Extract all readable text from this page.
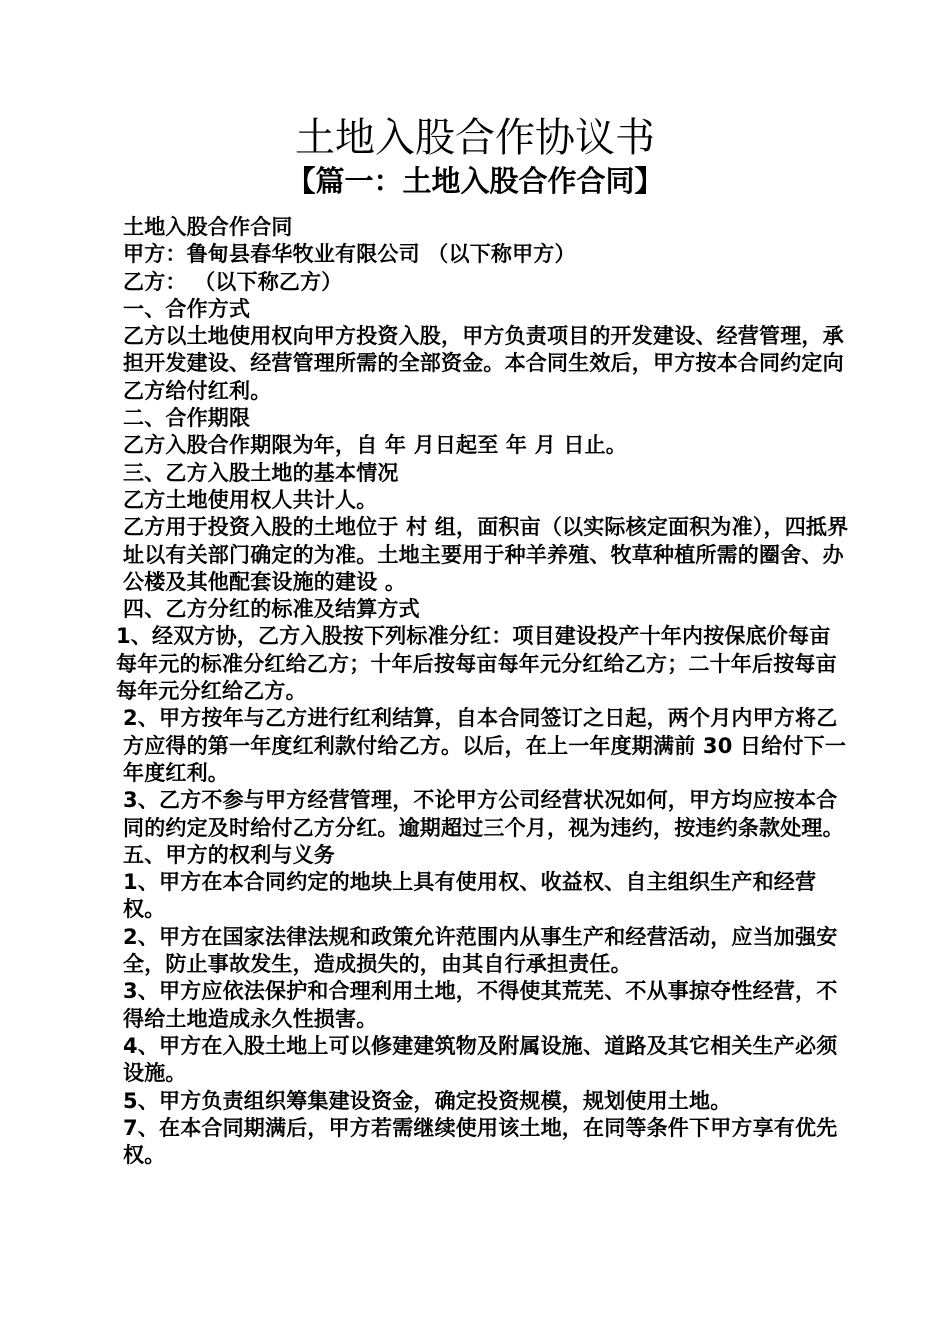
土地入股合作协议书
【篇一：土地入股合作合同】

土地入股合作合同

甲方：鲁甸县春华牧业有限公司 （以下称甲方）

乙方： （以下称乙方）

一、合作方式

乙方以土地使用权向甲方投资入股，甲方负责项目的开发建设、经营管理，承担开发建设、经营管理所需的全部资金。本合同生效后，甲方按本合同约定向乙方给付红利。

二、合作期限

乙方入股合作期限为年，自 年 月日起至 年 月 日止。

三、乙方入股土地的基本情况

乙方土地使用权人共计人。

乙方用于投资入股的土地位于 村 组，面积亩（以实际核定面积为准），四抵界址以有关部门确定的为准。土地主要用于种羊养殖、牧草种植所需的圈舍、办公楼及其他配套设施的建设 。

四、乙方分红的标准及结算方式

1、经双方协，乙方入股按下列标准分红：项目建设投产十年内按保底价每亩每年元的标准分红给乙方；十年后按每亩每年元分红给乙方；二十年后按每亩每年元分红给乙方。

2、甲方按年与乙方进行红利结算，自本合同签订之日起，两个月内甲方将乙方应得的第一年度红利款付给乙方。以后，在上一年度期满前 30 日给付下一年度红利。

3、乙方不参与甲方经营管理，不论甲方公司经营状况如何，甲方均应按本合同的约定及时给付乙方分红。逾期超过三个月，视为违约，按违约条款处理。

五、甲方的权利与义务

1、甲方在本合同约定的地块上具有使用权、收益权、自主组织生产和经营权。

2、甲方在国家法律法规和政策允许范围内从事生产和经营活动，应当加强安全，防止事故发生，造成损失的，由其自行承担责任。

3、甲方应依法保护和合理利用土地，不得使其荒芜、不从事掠夺性经营，不得给土地造成永久性损害。

4、甲方在入股土地上可以修建建筑物及附属设施、道路及其它相关生产必须设施。

5、甲方负责组织筹集建设资金，确定投资规模，规划使用土地。

7、在本合同期满后，甲方若需继续使用该土地，在同等条件下甲方享有优先权。
